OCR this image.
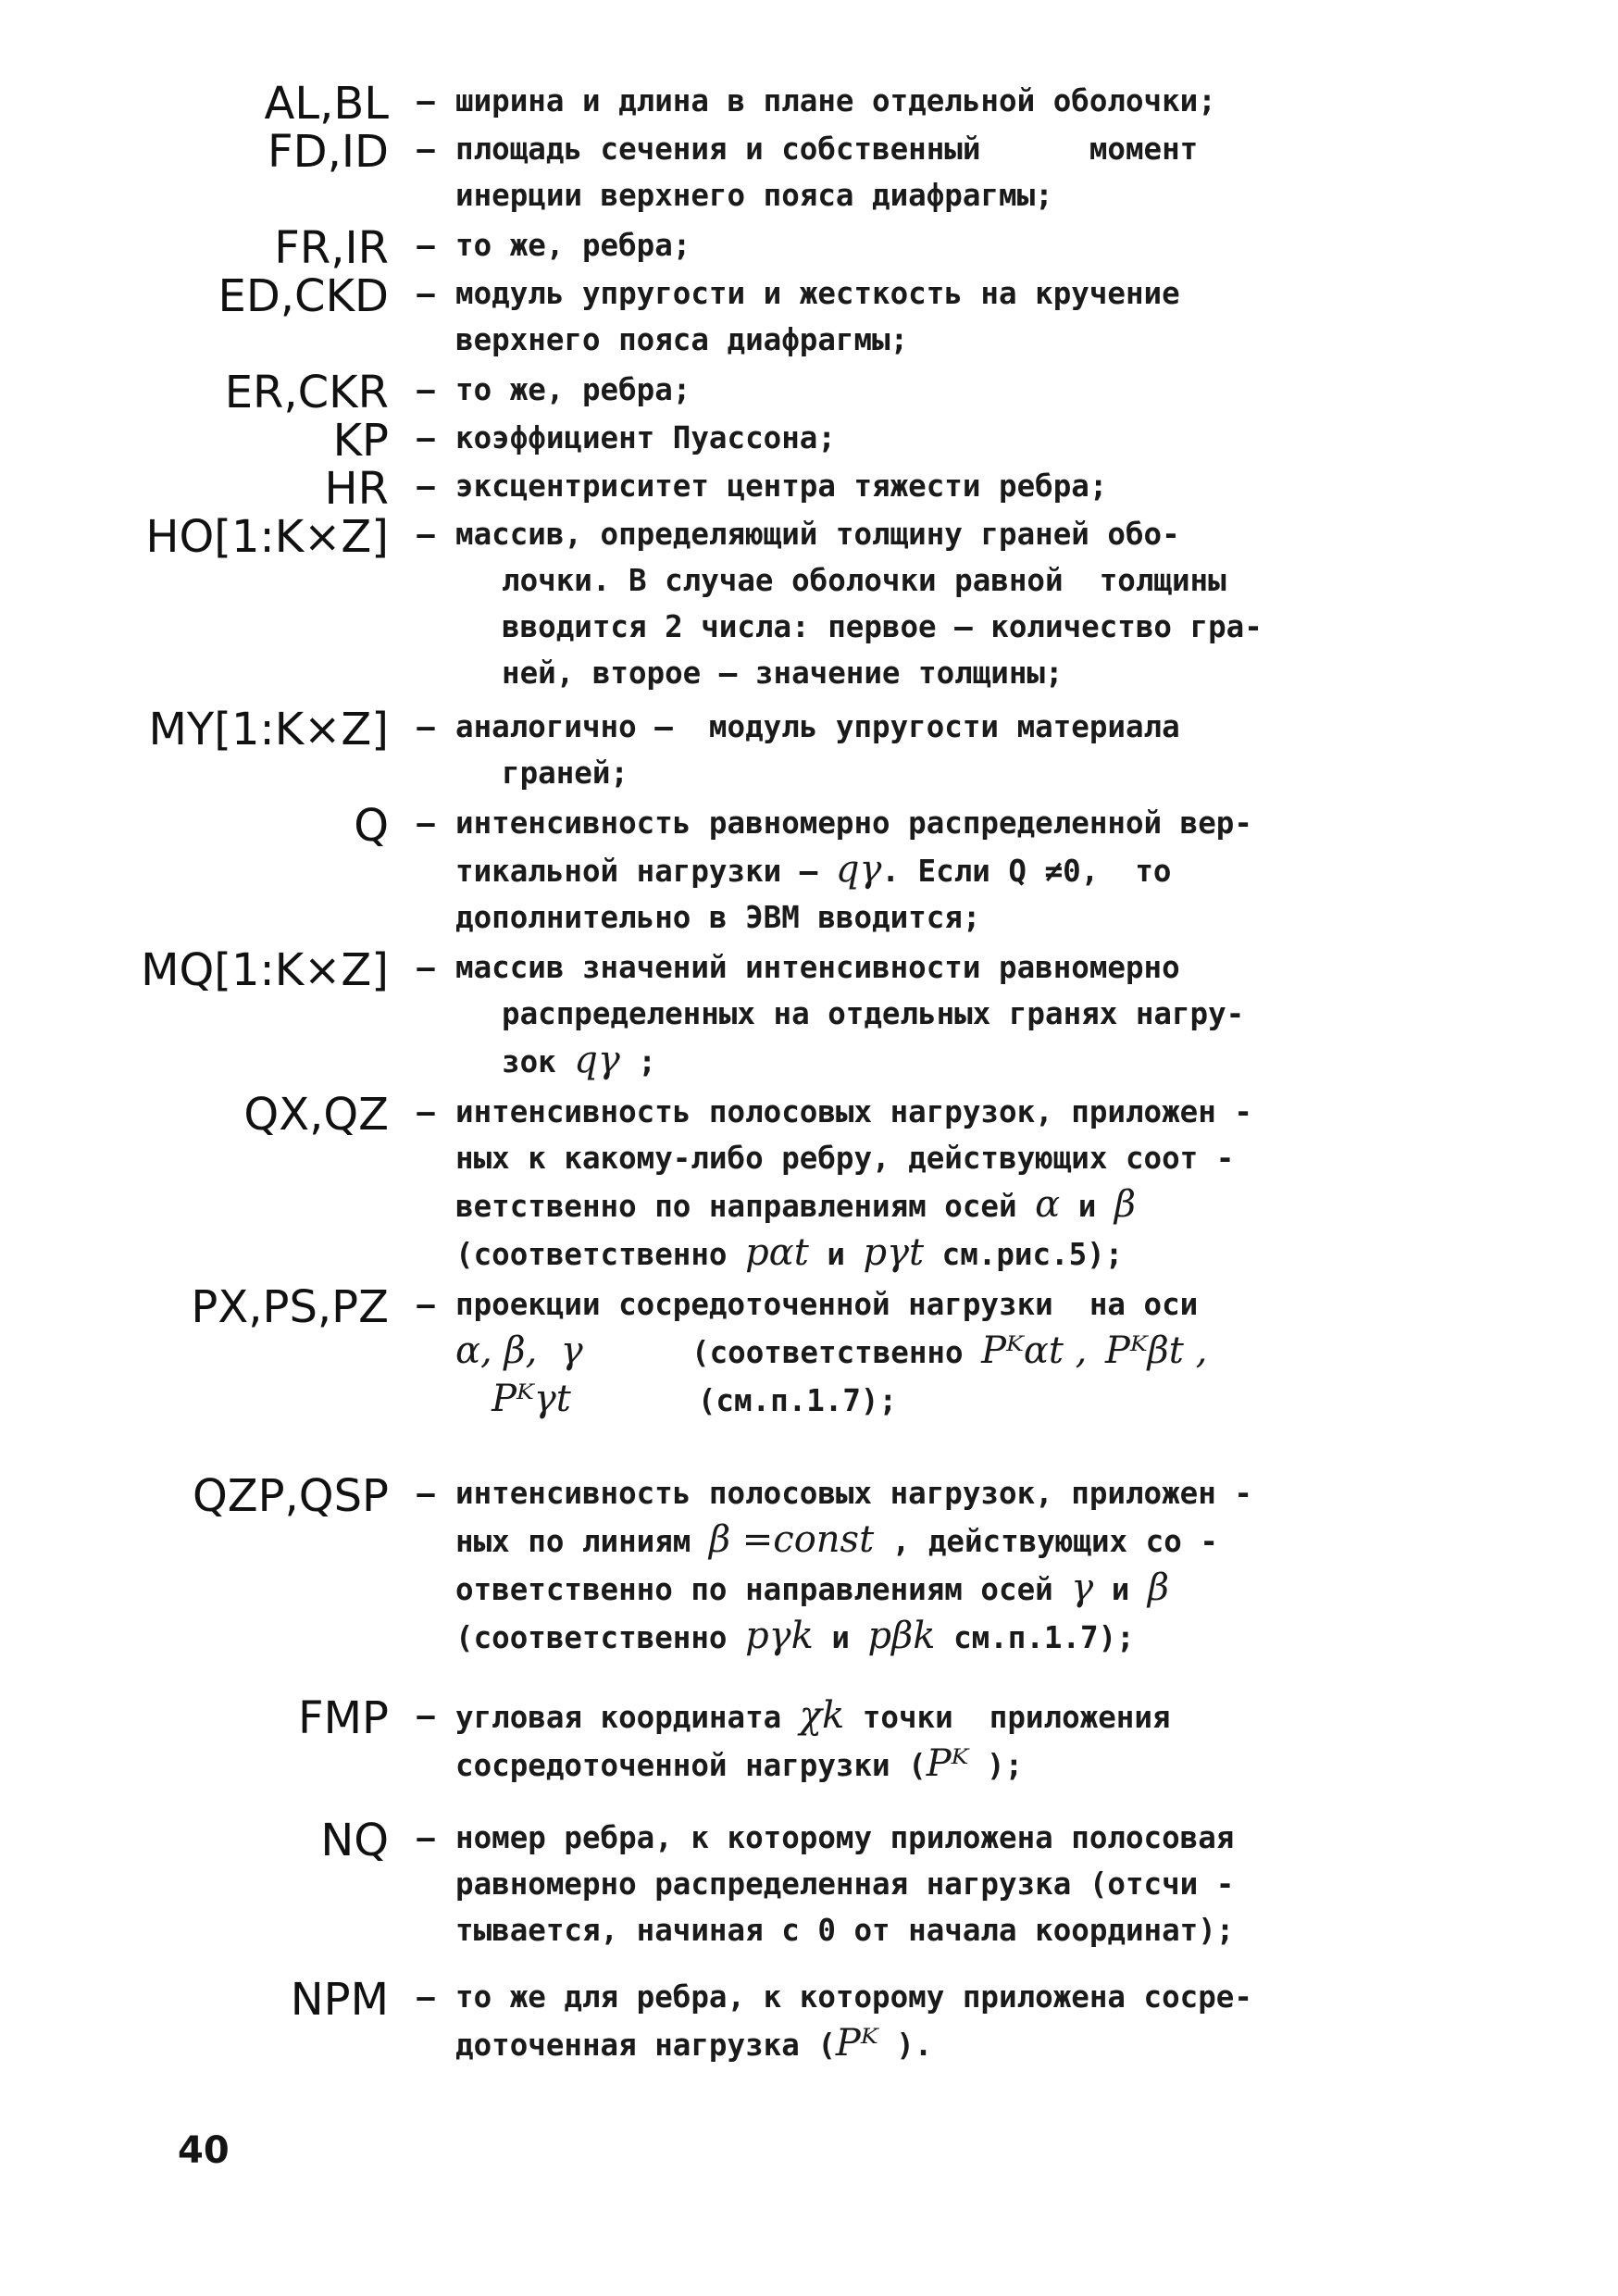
AL,BL – ширина и длина в плане отдельной оболочки;
FD,ID – площадь сечения и собственный      момент
инерции верхнего пояса диафрагмы;
FR,IR – то же, ребра;
ED,CKD – модуль упругости и жесткость на кручение
верхнего пояса диафрагмы;
ER,CKR – то же, ребра;
KP – коэффициент Пуассона;
HR – эксцентриситет центра тяжести ребра;
HO[1:K×Z] – массив, определяющий толщину граней обо-
лочки. В случае оболочки равной  толщины
вводится 2 числа: первое – количество гра-
ней, второе – значение толщины;
MY[1:K×Z] – аналогично –  модуль упругости материала
граней;
Q – интенсивность равномерно распределенной вер-
тикальной нагрузки – q𝛾. Если Q ≠0,  то
дополнительно в ЭВМ вводится;
MQ[1:K×Z] – массив значений интенсивности равномерно
распределенных на отдельных гранях нагру-
зок q𝛾 ;
QX,QZ – интенсивность полосовых нагрузок, приложен -
ных к какому-либо ребру, действующих соот -
ветственно по направлениям осей α и β
(соответственно pαt и pγt см.рис.5);
PX,PS,PZ – проекции сосредоточенной нагрузки  на оси
α, β,  γ	(соответственно Pᴷαt , Pᴷβt ,
Pᴷγt	(см.п.1.7);
QZP,QSP – интенсивность полосовых нагрузок, приложен -
ных по линиям β =const , действующих со -
ответственно по направлениям осей γ и β
(соответственно pγk и pβk см.п.1.7);
FMP – угловая координата χk точки  приложения
сосредоточенной нагрузки (Pᴷ );
NQ – номер ребра, к которому приложена полосовая
равномерно распределенная нагрузка (отсчи -
тывается, начиная с 0 от начала координат);
NPM – то же для ребра, к которому приложена сосре-
доточенная нагрузка (Pᴷ ).
40
